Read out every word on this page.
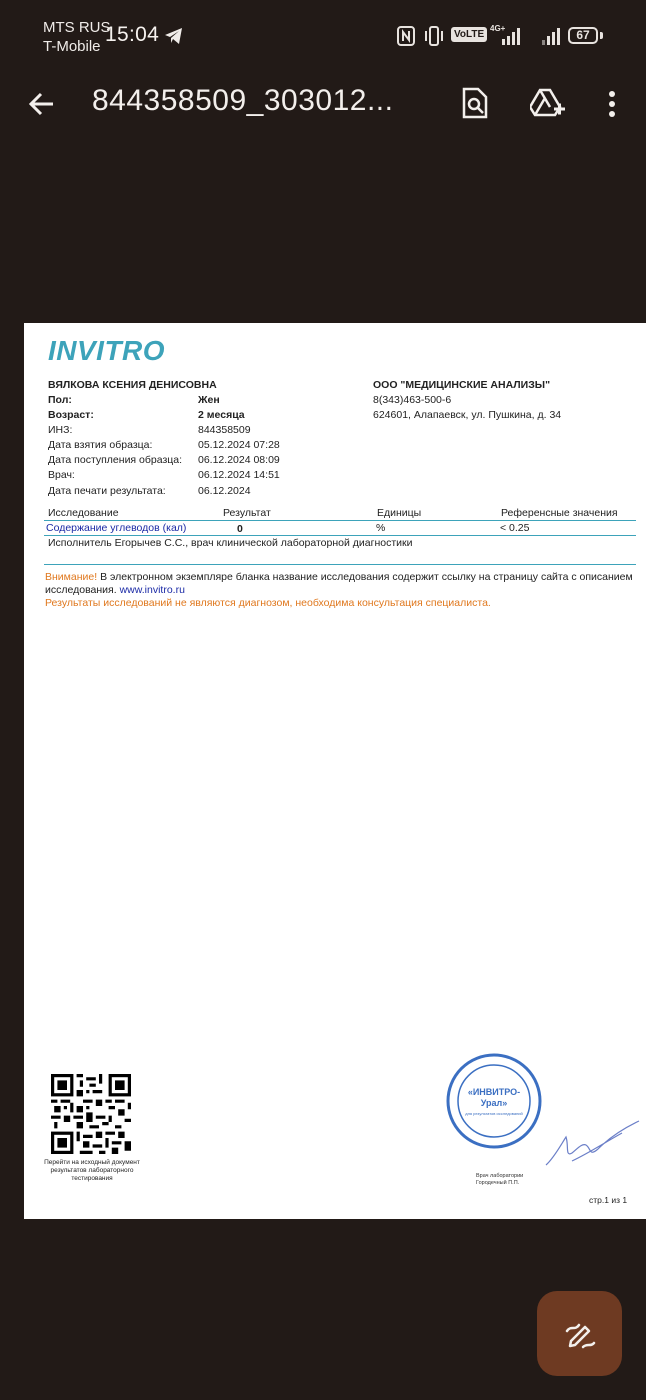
MTS RUS
T-Mobile
15:04	VoLTE
4G+	67
844358509_303012...
INVITRO
ВЯЛКОВА КСЕНИЯ ДЕНИСОВНА
Пол:	Жен
Возраст:	2 месяца
ИНЗ:	844358509
Дата взятия образца:	05.12.2024 07:28
Дата поступления образца: 06.12.2024 08:09
Врач:	06.12.2024 14:51
Дата печати результата:	06.12.2024
ООО "МЕДИЦИНСКИЕ АНАЛИЗЫ"
8(343)463-500-6
624601, Алапаевск, ул. Пушкина, д. 34
Исследование	Результат	Единицы	Референсные значения
Содержание углеводов (кал)	0	%	< 0.25
Исполнитель Егорычев С.С., врач клинической лабораторной диагностики
Внимание! В электронном экземпляре бланка название исследования содержит ссылку на страницу сайта с описанием
исследования. www.invitro.ru
Результаты исследований не являются диагнозом, необходима консультация специалиста.
Перейти на исходный документ результатов лабораторного тестирования
«ИНВИТРО-
Урал»
для результатов исследований
Врач лаборатории
Городечный П.П.
стр.1 из 1
